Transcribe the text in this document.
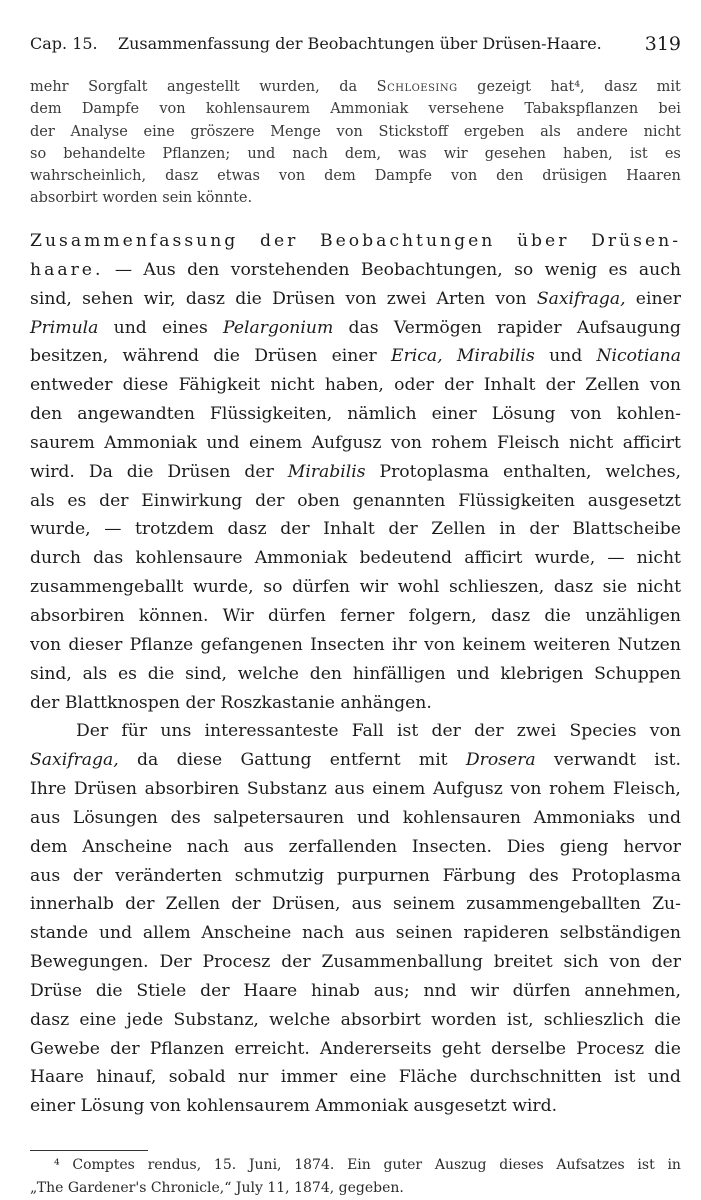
Cap. 15. Zusammenfassung der Beobachtungen über Drüsen-Haare. 319
mehr Sorgfalt angestellt wurden, da Schloesing gezeigt hat⁴, dasz mit
dem Dampfe von kohlensaurem Ammoniak versehene Tabakspflanzen bei
der Analyse eine gröszere Menge von Stickstoff ergeben als andere nicht
so behandelte Pflanzen; und nach dem, was wir gesehen haben, ist es
wahrscheinlich, dasz etwas von dem Dampfe von den drüsigen Haaren
absorbirt worden sein könnte.
Zusammenfassung der Beobachtungen über Drüsen-
haare. — Aus den vorstehenden Beobachtungen, so wenig es auch
sind, sehen wir, dasz die Drüsen von zwei Arten von Saxifraga, einer
Primula und eines Pelargonium das Vermögen rapider Aufsaugung
besitzen, während die Drüsen einer Erica, Mirabilis und Nicotiana
entweder diese Fähigkeit nicht haben, oder der Inhalt der Zellen von
den angewandten Flüssigkeiten, nämlich einer Lösung von kohlen-
saurem Ammoniak und einem Aufgusz von rohem Fleisch nicht afficirt
wird. Da die Drüsen der Mirabilis Protoplasma enthalten, welches,
als es der Einwirkung der oben genannten Flüssigkeiten ausgesetzt
wurde, — trotzdem dasz der Inhalt der Zellen in der Blattscheibe
durch das kohlensaure Ammoniak bedeutend afficirt wurde, — nicht
zusammengeballt wurde, so dürfen wir wohl schlieszen, dasz sie nicht
absorbiren können. Wir dürfen ferner folgern, dasz die unzähligen
von dieser Pflanze gefangenen Insecten ihr von keinem weiteren Nutzen
sind, als es die sind, welche den hinfälligen und klebrigen Schuppen
der Blattknospen der Roszkastanie anhängen.
Der für uns interessanteste Fall ist der der zwei Species von
Saxifraga, da diese Gattung entfernt mit Drosera verwandt ist.
Ihre Drüsen absorbiren Substanz aus einem Aufgusz von rohem Fleisch,
aus Lösungen des salpetersauren und kohlensauren Ammoniaks und
dem Anscheine nach aus zerfallenden Insecten. Dies gieng hervor
aus der veränderten schmutzig purpurnen Färbung des Protoplasma
innerhalb der Zellen der Drüsen, aus seinem zusammengeballten Zu-
stande und allem Anscheine nach aus seinen rapideren selbständigen
Bewegungen. Der Procesz der Zusammenballung breitet sich von der
Drüse die Stiele der Haare hinab aus; nnd wir dürfen annehmen,
dasz eine jede Substanz, welche absorbirt worden ist, schlieszlich die
Gewebe der Pflanzen erreicht. Andererseits geht derselbe Procesz die
Haare hinauf, sobald nur immer eine Fläche durchschnitten ist und
einer Lösung von kohlensaurem Ammoniak ausgesetzt wird.
⁴ Comptes rendus, 15. Juni, 1874. Ein guter Auszug dieses Aufsatzes ist in
„The Gardener's Chronicle,“ July 11, 1874, gegeben.
